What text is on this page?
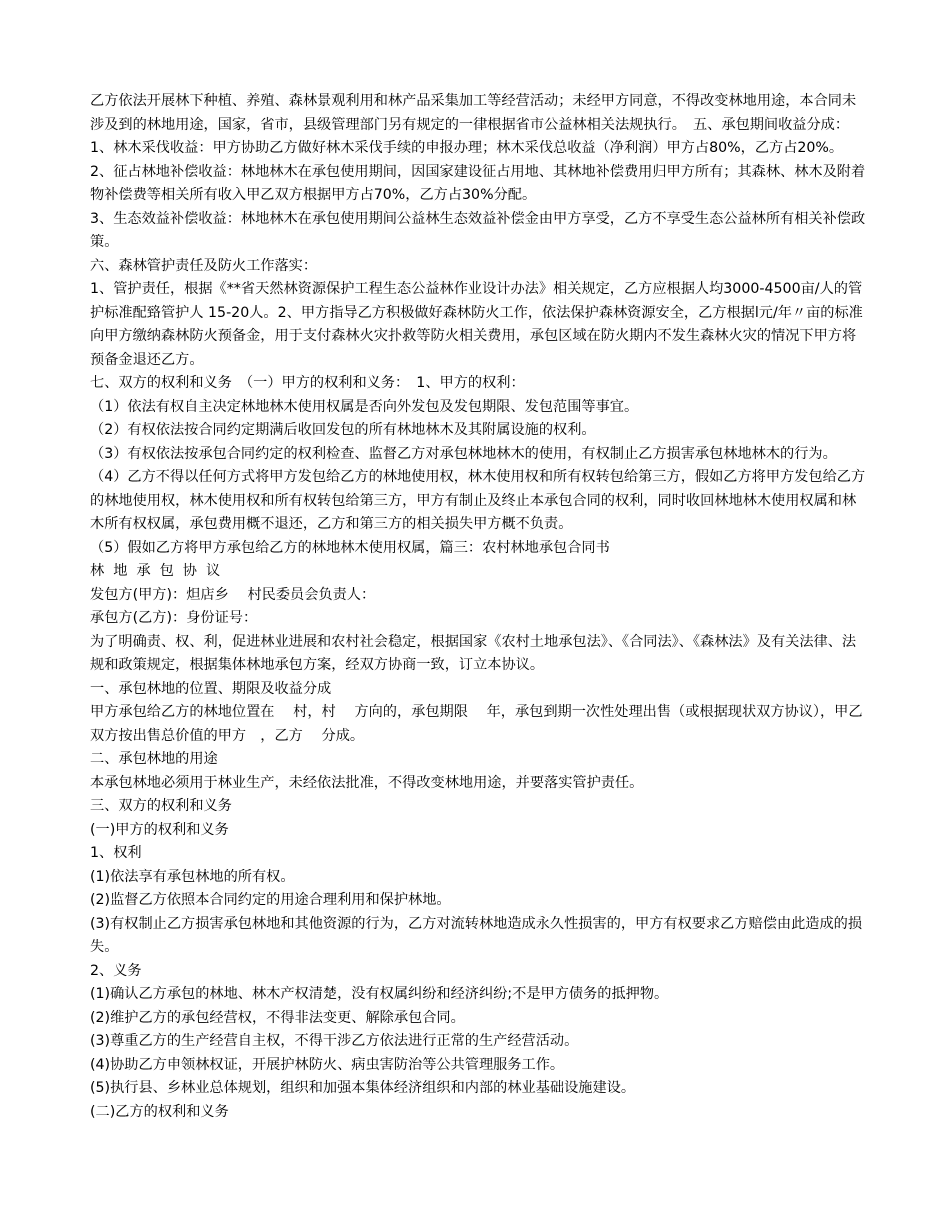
乙方依法开展林下种植、养殖、森林景观利用和林产品采集加工等经营活动；未经甲方同意，不得改变林地用途，本合同未涉及到的林地用途，国家，省市，县级管理部门另有规定的一律根据省市公益林相关法规执行。　五、承包期间收益分成：

1、林木采伐收益：甲方协助乙方做好林木采伐手续的申报办理；林木采伐总收益（净利润）甲方占80%，乙方占20%。

2、征占林地补偿收益：林地林木在承包使用期间，因国家建设征占用地、其林地补偿费用归甲方所有；其森林、林木及附着物补偿费等相关所有收入甲乙双方根据甲方占70%，乙方占30%分配。

3、生态效益补偿收益：林地林木在承包使用期间公益林生态效益补偿金由甲方享受，乙方不享受生态公益林所有相关补偿政策。

六、森林管护责任及防火工作落实：

1、管护责任，根据《**省天然林资源保护工程生态公益林作业设计办法》相关规定，乙方应根据人均3000-4500亩/人的管护标准配臵管护人 15-20人。2、甲方指导乙方积极做好森林防火工作，依法保护森林资源安全，乙方根据l元/年〃亩的标准向甲方缴纳森林防火预备金，用于支付森林火灾扑救等防火相关费用，承包区域在防火期内不发生森林火灾的情况下甲方将预备金退还乙方。

七、双方的权利和义务　（一）甲方的权利和义务：　1、甲方的权利：

（1）依法有权自主决定林地林木使用权属是否向外发包及发包期限、发包范围等事宜。

（2）有权依法按合同约定期满后收回发包的所有林地林木及其附属设施的权利。

（3）有权依法按承包合同约定的权利检查、监督乙方对承包林地林木的使用，有权制止乙方损害承包林地林木的行为。

（4）乙方不得以任何方式将甲方发包给乙方的林地使用权，林木使用权和所有权转包给第三方，假如乙方将甲方发包给乙方的林地使用权，林木使用权和所有权转包给第三方，甲方有制止及终止本承包合同的权利，同时收回林地林木使用权属和林木所有权权属，承包费用概不退还，乙方和第三方的相关损失甲方概不负责。

（5）假如乙方将甲方承包给乙方的林地林木使用权属，篇三：农村林地承包合同书

林地承包协议

发包方(甲方)：炟店乡　 村民委员会负责人：

承包方(乙方)：身份证号：

为了明确责、权、利，促进林业进展和农村社会稳定，根据国家《农村土地承包法》、《合同法》、《森林法》及有关法律、法规和政策规定，根据集体林地承包方案，经双方协商一致，订立本协议。

一、承包林地的位置、期限及收益分成

甲方承包给乙方的林地位置在　 村，村　 方向的，承包期限　 年，承包到期一次性处理出售（或根据现状双方协议），甲乙双方按出售总价值的甲方　，乙方　 分成。

二、承包林地的用途

本承包林地必须用于林业生产，未经依法批准，不得改变林地用途，并要落实管护责任。

三、双方的权利和义务

(一)甲方的权利和义务

1、权利

(1)依法享有承包林地的所有权。

(2)监督乙方依照本合同约定的用途合理利用和保护林地。

(3)有权制止乙方损害承包林地和其他资源的行为，乙方对流转林地造成永久性损害的，甲方有权要求乙方赔偿由此造成的损失。

2、义务

(1)确认乙方承包的林地、林木产权清楚，没有权属纠纷和经济纠纷;不是甲方债务的抵押物。

(2)维护乙方的承包经营权，不得非法变更、解除承包合同。

(3)尊重乙方的生产经营自主权，不得干涉乙方依法进行正常的生产经营活动。

(4)协助乙方申领林权证，开展护林防火、病虫害防治等公共管理服务工作。

(5)执行县、乡林业总体规划，组织和加强本集体经济组织和内部的林业基础设施建设。

(二)乙方的权利和义务
